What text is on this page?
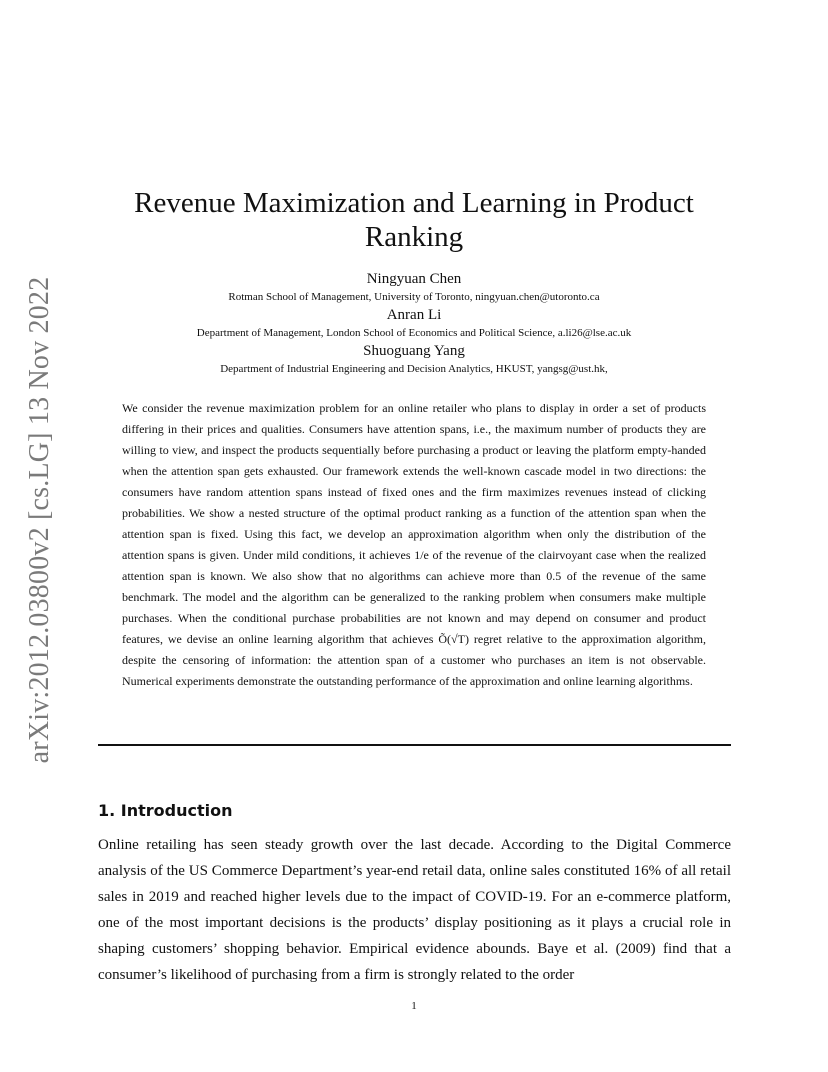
arXiv:2012.03800v2 [cs.LG] 13 Nov 2022
Revenue Maximization and Learning in Product Ranking
Ningyuan Chen
Rotman School of Management, University of Toronto, ningyuan.chen@utoronto.ca
Anran Li
Department of Management, London School of Economics and Political Science, a.li26@lse.ac.uk
Shuoguang Yang
Department of Industrial Engineering and Decision Analytics, HKUST, yangsg@ust.hk,

We consider the revenue maximization problem for an online retailer who plans to display in order a set of products differing in their prices and qualities. Consumers have attention spans, i.e., the maximum number of products they are willing to view, and inspect the products sequentially before purchasing a product or leaving the platform empty-handed when the attention span gets exhausted. Our framework extends the well-known cascade model in two directions: the consumers have random attention spans instead of fixed ones and the firm maximizes revenues instead of clicking probabilities. We show a nested structure of the optimal product ranking as a function of the attention span when the attention span is fixed. Using this fact, we develop an approximation algorithm when only the distribution of the attention spans is given. Under mild conditions, it achieves 1/e of the revenue of the clairvoyant case when the realized attention span is known. We also show that no algorithms can achieve more than 0.5 of the revenue of the same benchmark. The model and the algorithm can be generalized to the ranking problem when consumers make multiple purchases. When the conditional purchase probabilities are not known and may depend on consumer and product features, we devise an online learning algorithm that achieves Õ(√T) regret relative to the approximation algorithm, despite the censoring of information: the attention span of a customer who purchases an item is not observable. Numerical experiments demonstrate the outstanding performance of the approximation and online learning algorithms.

1. Introduction

Online retailing has seen steady growth over the last decade. According to the Digital Commerce analysis of the US Commerce Department’s year-end retail data, online sales constituted 16% of all retail sales in 2019 and reached higher levels due to the impact of COVID-19. For an e-commerce platform, one of the most important decisions is the products’ display positioning as it plays a crucial role in shaping customers’ shopping behavior. Empirical evidence abounds. Baye et al. (2009) find that a consumer’s likelihood of purchasing from a firm is strongly related to the order

1
